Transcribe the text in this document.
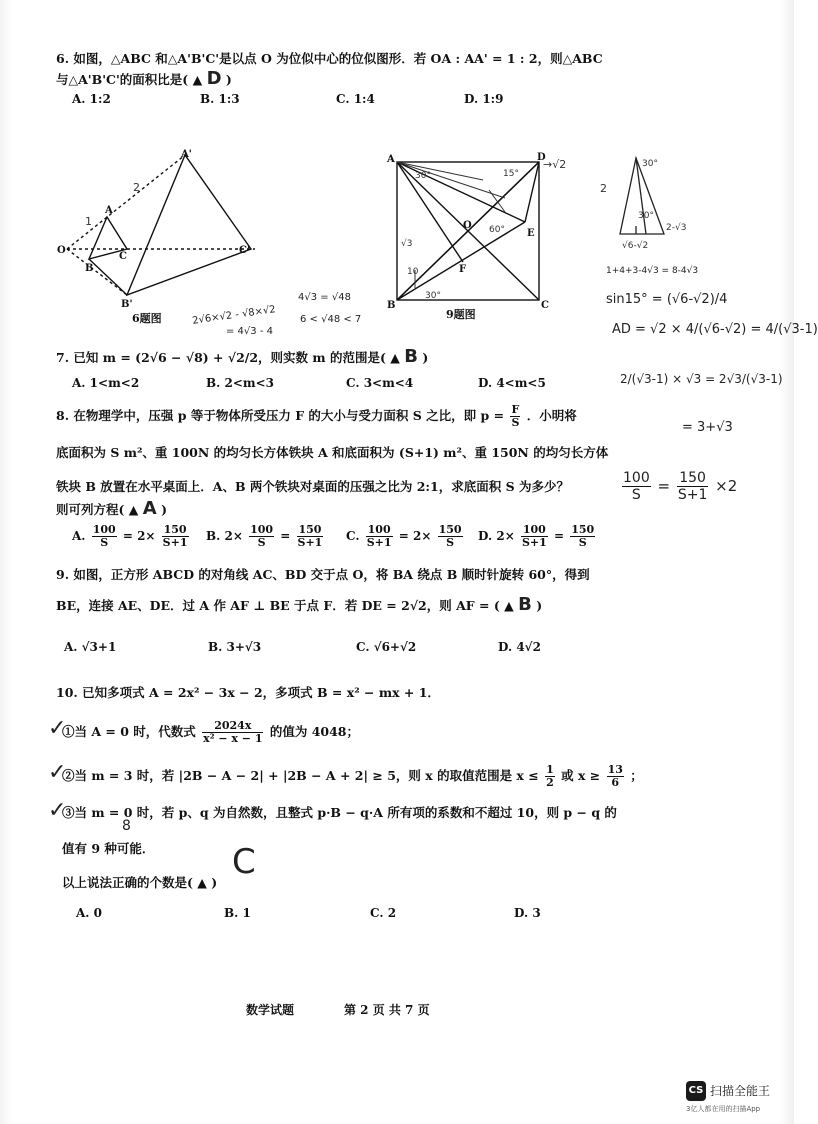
6. 如图，△ABC 和△A'B'C'是以点 O 为位似中心的位似图形．若 OA : AA' = 1 : 2，则△ABC
与△A'B'C'的面积比是( ▲ D )
A. 1:2	B. 1:3	C. 1:4	D. 1:9
O
A
A'
B
B'
C
C'
1
2
6题图	2√6×√2 - √8×√2
4√3 = √48
= 4√3 - 4
6 < √48 < 7
A	D
B	C
E
F
O
√3
30°
30°
15°
60°
10
→√2
9题图
30°
2
30°
√6-√2
2-√3
1+4+3-4√3 = 8-4√3
sin15° = (√6-√2)/4
AD = √2 × 4/(√6-√2) = 4/(√3-1)
2/(√3-1) × √3 = 2√3/(√3-1)
= 3+√3
7. 已知 m = (2√6 − √8) + √2/2，则实数 m 的范围是( ▲ B )
A. 1<m<2	B. 2<m<3	C. 3<m<4	D. 4<m<5
8. 在物理学中，压强 p 等于物体所受压力 F 的大小与受力面积 S 之比，即 $p = \frac{F}{S}$ ．小明将
底面积为 S m²、重 100N 的均匀长方体铁块 A 和底面积为 (S+1) m²、重 150N 的均匀长方体
铁块 B 放置在水平桌面上．A、B 两个铁块对桌面的压强之比为 2:1，求底面积 S 为多少？
则可列方程( ▲ A )
$\frac{100}{S} = \frac{150}{S+1} \times 2$
A. $\frac{100}{S} = 2\times \frac{150}{S+1} B$. $2\times \frac{100}{S} = \frac{150}{S+1} C$. $\frac{100}{S+1} = 2\times \frac{150}{S} D$. $2\times \frac{100}{S+1} = \frac{150}{S}$
9. 如图，正方形 ABCD 的对角线 AC、BD 交于点 O，将 BA 绕点 B 顺时针旋转 60°，得到
BE，连接 AE、DE．过 A 作 AF ⊥ BE 于点 F．若 DE = 2√2，则 AF = ( ▲ B )
A. √3+1	B. 3+√3	C. √6+√2	D. 4√2
10. 已知多项式 A = 2x² − 3x − 2，多项式 B = x² − mx + 1．
✓
①当 A = 0 时，代数式 $\frac{2024x}{\text{x² − x − 1}}$ 的值为 4048；
✓
②当 m = 3 时，若 |2B − A − 2| + |2B − A + 2| ≥ 5，则 x 的取值范围是 $x \le \frac{1}{2}$ 或 $x \ge \frac{13}{6}$ ；
✓
③当 m = 0 时，若 p、q 为自然数，且整式 p·B − q·A 所有项的系数和不超过 10，则 p − q 的
8
值有 9 种可能．
以上说法正确的个数是( ▲ )
C
A. 0	B. 1	C. 2	D. 3
数学试题	第 2 页 共 7 页
CS 扫描全能王
3亿人都在用的扫描App
